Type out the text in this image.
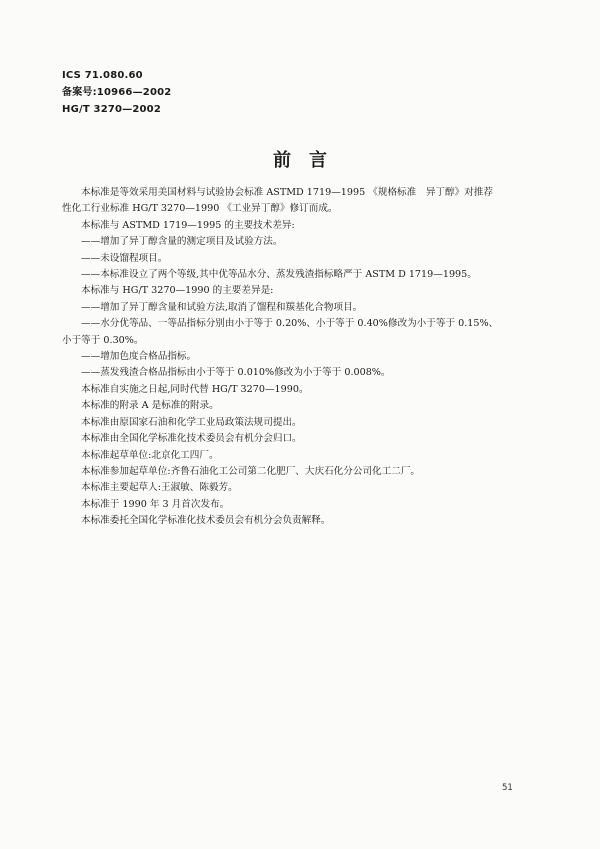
ICS 71.080.60
备案号:10966—2002
HG/T 3270—2002
前言

本标准是等效采用美国材料与试验协会标准 ASTMD 1719—1995 《规格标准　异丁醇》对推荐

性化工行业标准 HG/T 3270—1990 《工业异丁醇》修订而成。

本标准与 ASTMD 1719—1995 的主要技术差异:

——增加了异丁醇含量的测定项目及试验方法。

——未设馏程项目。

——本标准设立了两个等级,其中优等品水分、蒸发残渣指标略严于 ASTM D 1719—1995。

本标准与 HG/T 3270—1990 的主要差异是:

——增加了异丁醇含量和试验方法,取消了馏程和羰基化合物项目。

——水分优等品、一等品指标分别由小于等于 0.20%、小于等于 0.40%修改为小于等于 0.15%、

小于等于 0.30%。

——增加色度合格品指标。

——蒸发残渣合格品指标由小于等于 0.010%修改为小于等于 0.008%。

本标准自实施之日起,同时代替 HG/T 3270—1990。

本标准的附录 A 是标准的附录。

本标准由原国家石油和化学工业局政策法规司提出。

本标准由全国化学标准化技术委员会有机分会归口。

本标准起草单位:北京化工四厂。

本标准参加起草单位:齐鲁石油化工公司第二化肥厂、大庆石化分公司化工二厂。

本标准主要起草人:王淑敏、陈毅芳。

本标准于 1990 年 3 月首次发布。

本标准委托全国化学标准化技术委员会有机分会负责解释。

51
